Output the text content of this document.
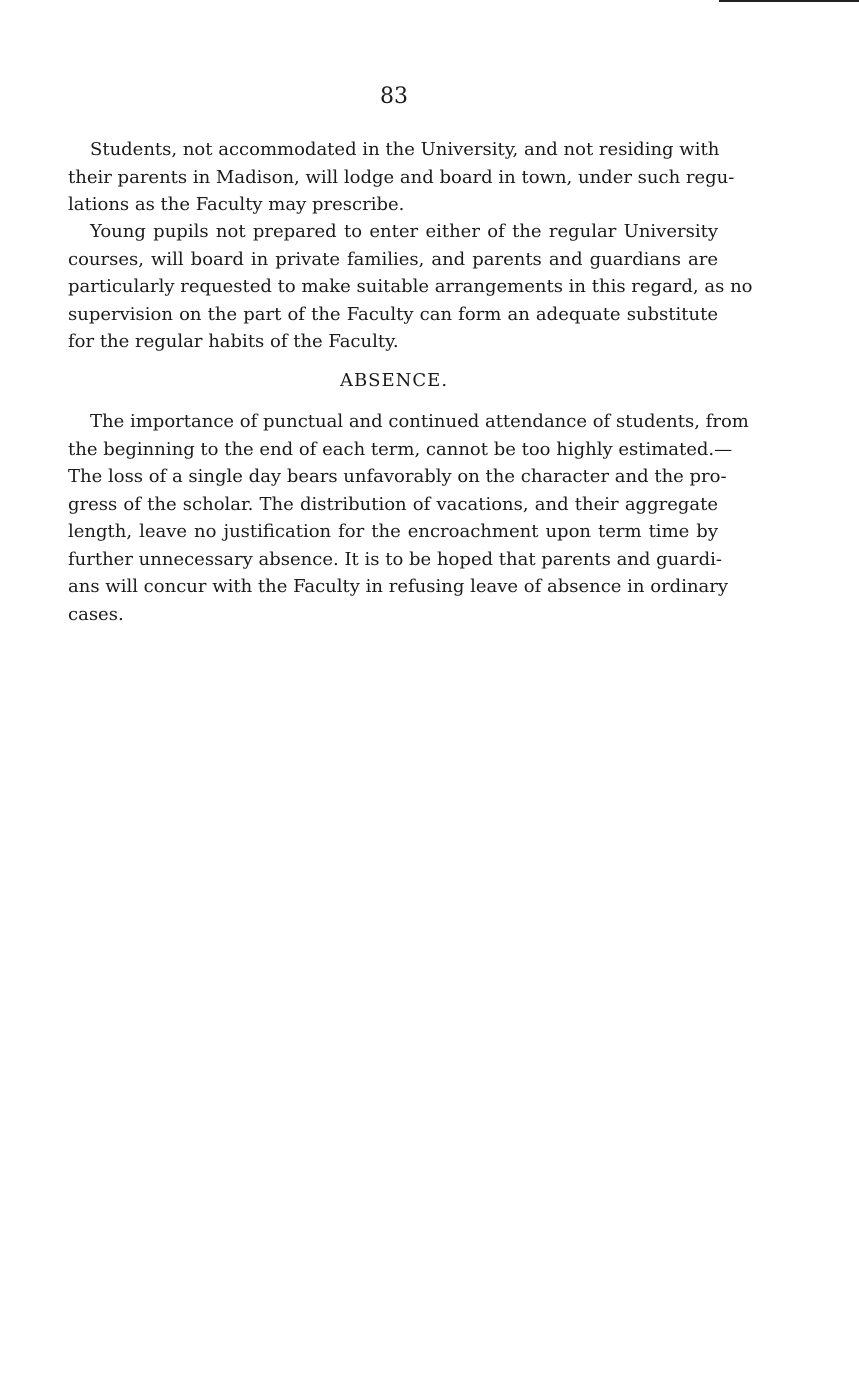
83
Students, not accommodated in the University, and not residing with
their parents in Madison, will lodge and board in town, under such regu-
lations as the Faculty may prescribe.
Young pupils not prepared to enter either of the regular University
courses, will board in private families, and parents and guardians are
particularly requested to make suitable arrangements in this regard, as no
supervision on the part of the Faculty can form an adequate substitute
for the regular habits of the Faculty.
ABSENCE.
The importance of punctual and continued attendance of students, from
the beginning to the end of each term, cannot be too highly estimated.—
The loss of a single day bears unfavorably on the character and the pro-
gress of the scholar. The distribution of vacations, and their aggregate
length, leave no justification for the encroachment upon term time by
further unnecessary absence. It is to be hoped that parents and guardi-
ans will concur with the Faculty in refusing leave of absence in ordinary
cases.
